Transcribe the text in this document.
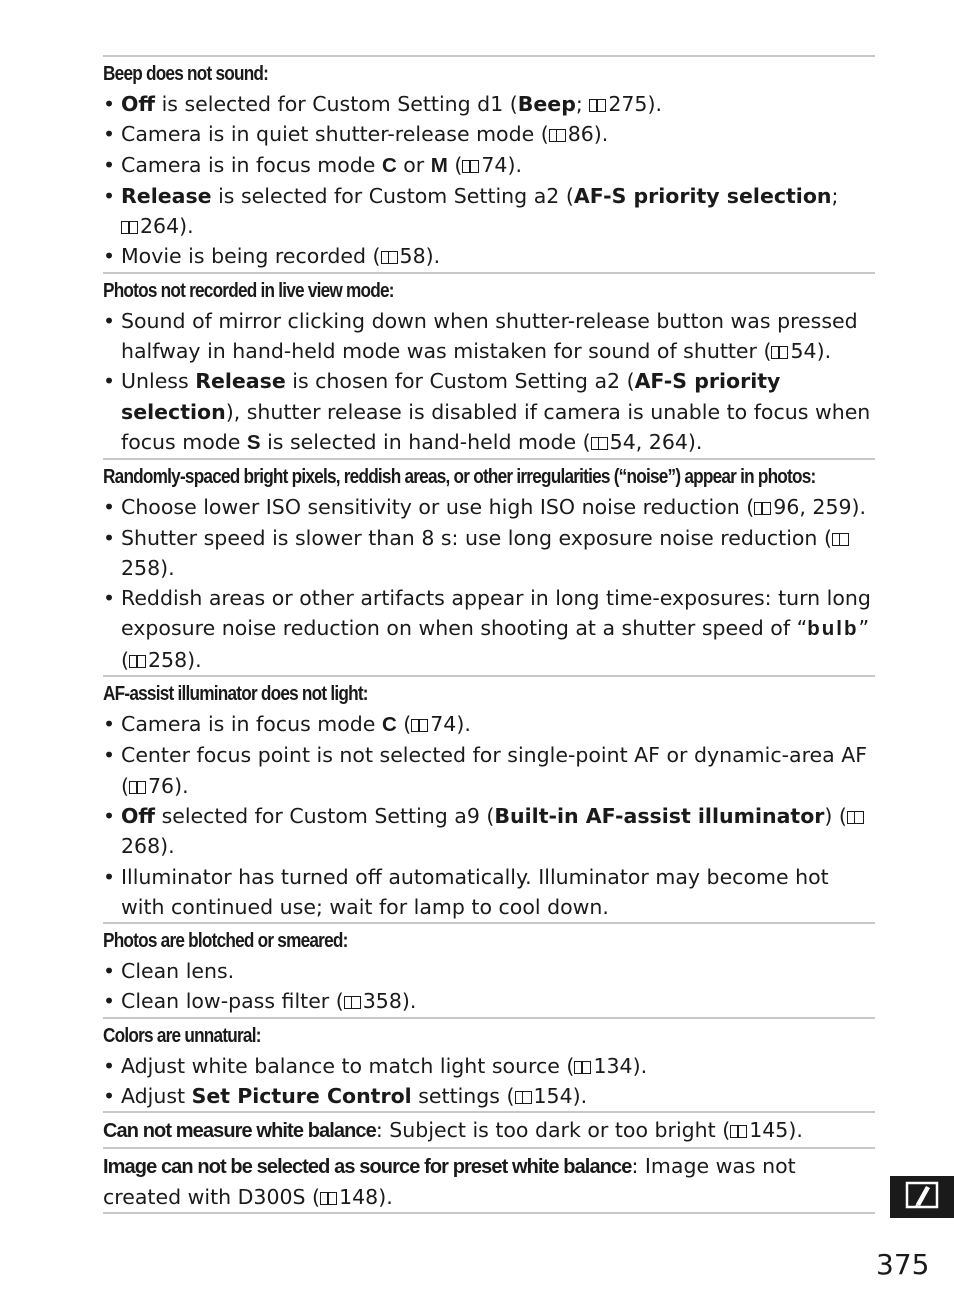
Beep does not sound:
• Off is selected for Custom Setting d1 (Beep; 275).
• Camera is in quiet shutter-release mode ( 86).
• Camera is in focus mode C or M ( 74).
• Release is selected for Custom Setting a2 (AF-S priority selection;
264).
• Movie is being recorded ( 58).
Photos not recorded in live view mode:
• Sound of mirror clicking down when shutter-release button was pressed halfway in hand-held mode was mistaken for sound of shutter ( 54).
• Unless Release is chosen for Custom Setting a2 (AF-S priority selection), shutter release is disabled if camera is unable to focus when focus mode S is selected in hand-held mode ( 54, 264).
Randomly-spaced bright pixels, reddish areas, or other irregularities (“noise”) appear in photos:
• Choose lower ISO sensitivity or use high ISO noise reduction ( 96, 259).
• Shutter speed is slower than 8 s: use long exposure noise reduction (258).
• Reddish areas or other artifacts appear in long time-exposures: turn long exposure noise reduction on when shooting at a shutter speed of “bulb” ( 258).
AF-assist illuminator does not light:
• Camera is in focus mode C ( 74).
• Center focus point is not selected for single-point AF or dynamic-area AF ( 76).
• Off selected for Custom Setting a9 (Built-in AF-assist illuminator) (268).
• Illuminator has turned off automatically. Illuminator may become hot with continued use; wait for lamp to cool down.
Photos are blotched or smeared:
• Clean lens.
• Clean low-pass filter ( 358).
Colors are unnatural:
• Adjust white balance to match light source ( 134).
• Adjust Set Picture Control settings ( 154).
Can not measure white balance: Subject is too dark or too bright ( 145).
Image can not be selected as source for preset white balance: Image was not created with D300S ( 148).
375
